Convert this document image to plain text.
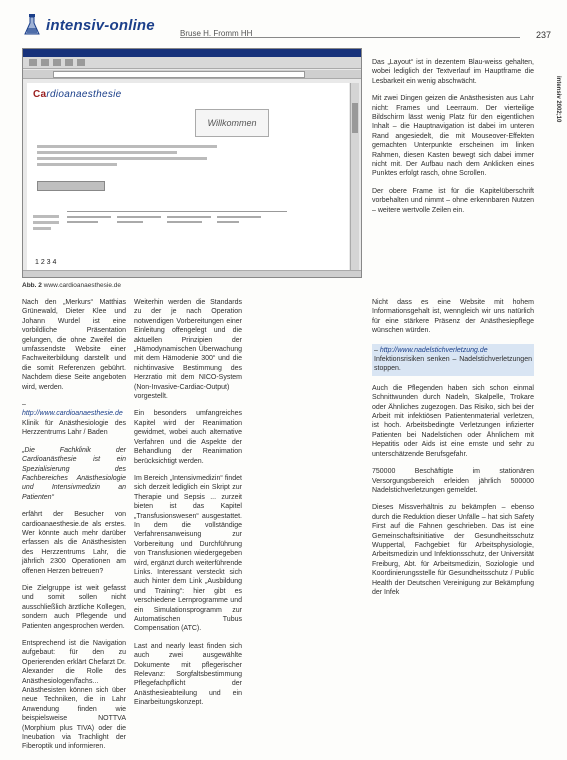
intensiv-online	Bruse H. Fromm HH	237
intensiv 2002;10
Cardioanaesthesie
Willkommen
1 2 3 4
Abb. 2 www.cardioanaesthesie.de

Das „Layout“ ist in dezentem Blau-weiss gehalten, wobei lediglich der Textverlauf im Hauptframe die Lesbarkeit ein wenig abschwächt.

Mit zwei Dingen geizen die Anästhesisten aus Lahr nicht: Frames und Leerraum. Der vierteilige Bildschirm lässt wenig Platz für den eigentlichen Inhalt – die Hauptnavigation ist dabei im unteren Rand angesiedelt, die mit Mouseover-Effekten gemachten Unterpunkte erscheinen im linken Rahmen, diesen Kasten bewegt sich dabei immer nicht mit. Der Aufbau nach dem Anklicken eines Punktes erfolgt rasch, ohne Scrollen.

Der obere Frame ist für die Kapitelüberschrift vorbehalten und nimmt – ohne erkennbaren Nutzen – weitere wertvolle Zeilen ein.

Nach den „Merkurs“ Matthias Grünewald, Dieter Klee und Johann Wurdel ist eine vorbildliche Präsentation gelungen, die ohne Zweifel die umfassendste Website einer Fachweiterbildung darstellt und die somit Referenzen gebührt. Nachdem diese Seite angeboten wird, werden.

– http://www.cardioanaesthesie.de
Klinik für Anästhesiologie des Herzzentrums Lahr / Baden

„Die Fachklinik der Cardioanästhesie ist ein Spezialisierung des Fachbereiches Anästhesiologie und Intensivmedizin an Patienten“

erfährt der Besucher von cardioanaesthesie.de als erstes. Wer könnte auch mehr darüber erfassen als die Anästhesisten des Herzzentrums Lahr, die jährlich 2300 Operationen am offenen Herzen betreuen?

Die Zielgruppe ist weit gefasst und somit sollen nicht ausschließlich ärztliche Kollegen, sondern auch Pflegende und Patienten angesprochen werden.

Entsprechend ist die Navigation aufgebaut: für den zu Operierenden erklärt Chefarzt Dr. Alexander die Rolle des Anästhesiologen/fachs... Anästhesisten können sich über neue Techniken, die in Lahr Anwendung finden wie beispielsweise NOTTVA (Morphium plus TIVA) oder die Ineubation via Trachlight der Fiberoptik und informieren.

Weiterhin werden die Standards zu der je nach Operation notwendigen Vorbereitungen einer Einleitung offengelegt und die aktuellen Prinzipien der „Hämodynamischen Überwachung mit dem Hämodenie 300“ und die nichtinvasive Bestimmung des Herzratio mit dem NICO-System (Non-Invasive-Cardiac-Output) vorgestellt.

Ein besonders umfangreiches Kapitel wird der Reanimation gewidmet, wobei auch alternative Verfahren und die Aspekte der Behandlung der Reanimation berücksichtigt werden.

Im Bereich „Intensivmedizin“ findet sich derzeit lediglich ein Skript zur Therapie und Sepsis ... zurzeit bieten ist das Kapitel „Transfusionswesen“ ausgestattet. In dem die vollständige Verfahrensanweisung zur Vorbereitung und Durchführung von Transfusionen wiedergegeben wird, ergänzt durch weiterführende Links. Interessant versteckt sich auch hinter dem Link „Ausbildung und Training“: hier gibt es verschiedene Lernprogramme und ein Simulationsprogramm zur Automatischen Tubus Compensation (ATC).

Last and nearly least finden sich auch zwei ausgewählte Dokumente mit pflegerischer Relevanz: Sorgfaltsbestimmung Pflegefachpflicht der Anästhesieabteilung und ein Einarbeitungskonzept.

Nicht dass es eine Website mit hohem Informationsgehalt ist, wenngleich wir uns natürlich für eine stärkere Präsenz der Anästhesiepflege wünschen würden.

– http://www.nadelstichverletzung.de
Infektionsrisiken senken – Nadelstichverletzungen stoppen.

Auch die Pflegenden haben sich schon einmal Schnittwunden durch Nadeln, Skalpelle, Trokare oder Ähnliches zugezogen. Das Risiko, sich bei der Arbeit mit infektiösen Patientenmaterial verletzen, ist hoch. Arbeitsbedingte Verletzungen infizierter Patienten bei Nadelstichen oder Ähnlichem mit Hepatitis oder Aids ist eine ernste und sehr zu unterschätzende Berufsgefahr.

750000 Beschäftigte im stationären Versorgungsbereich erleiden jährlich 500000 Nadelstichverletzungen gemeldet.

Dieses Missverhältnis zu bekämpfen – ebenso durch die Reduktion dieser Unfälle – hat sich Safety First auf die Fahnen geschrieben. Das ist eine Gemeinschaftsinitiative der Gesundheitsschutz Wuppertal, Fachgebiet für Arbeitsphysiologie, Arbeitsmedizin und Infektionsschutz, der Universität Freiburg, Abt. für Arbeitsmedizin, Soziologie und Koordinierungsstelle für Gesundheitsschutz / Public Health der Deutschen Vereinigung zur Bekämpfung der Infek
